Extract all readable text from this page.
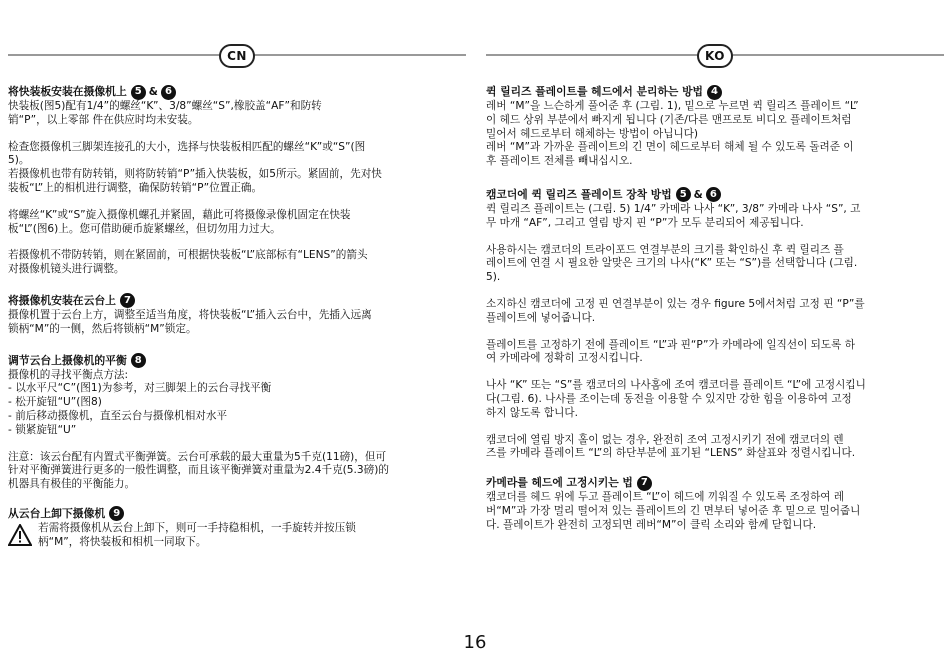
CN
将快装板安装在摄像机上 5 & 6

快装板(图5)配有1/4”的螺丝“K”、3/8”螺丝“S”,橡胶盖“AF”和防转
销“P”，以上零部 件在供应时均未安装。

检查您摄像机三脚架连接孔的大小，选择与快装板相匹配的螺丝“K”或“S”(图
5)。
若摄像机也带有防转销，则将防转销“P”插入快装板，如5所示。紧固前，先对快
装板“L”上的相机进行调整，确保防转销“P”位置正确。

将螺丝“K”或“S”旋入摄像机螺孔并紧固，藉此可将摄像录像机固定在快装
板“L”(图6)上。您可借助硬币旋紧螺丝，但切勿用力过大。

若摄像机不带防转销，则在紧固前，可根据快装板“L”底部标有“LENS”的箭头
对摄像机镜头进行调整。

将摄像机安装在云台上 7

摄像机置于云台上方，调整至适当角度，将快装板“L”插入云台中，先插入远离
锁柄“M”的一侧，然后将锁柄“M”锁定。

调节云台上摄像机的平衡 8

摄像机的寻找平衡点方法:
- 以水平尺“C”(图1)为参考，对三脚架上的云台寻找平衡
- 松开旋钮“U”(图8)
- 前后移动摄像机，直至云台与摄像机相对水平
- 锁紧旋钮“U”

注意：该云台配有内置式平衡弹簧。云台可承载的最大重量为5千克(11磅)，但可
针对平衡弹簧进行更多的一般性调整，而且该平衡弹簧对重量为2.4千克(5.3磅)的
机器具有极佳的平衡能力。

从云台上卸下摄像机 9

若需将摄像机从云台上卸下，则可一手持稳相机，一手旋转并按压锁
柄“M”，将快装板和相机一同取下。

KO
퀵 릴리즈 플레이트를 헤드에서 분리하는 방법 4

레버 “M”을 느슨하게 풀어준 후 (그림. 1), 밑으로 누르면 퀵 릴리즈 플레이트 “L”
이 헤드 상위 부분에서 빠지게 됩니다 (기존/다른 맨프로토 비디오 플레이트처럼
밀어서 헤드로부터 해체하는 방법이 아닙니다)
레버 “M”과 가까운 플레이트의 긴 면이 헤드로부터 해체 될 수 있도록 돌려준 이
후 플레이트 전체를 빼내십시오.

캠코더에 퀵 릴리즈 플레이트 장착 방법 5 & 6

퀵 릴리즈 플레이트는 (그림. 5) 1/4” 카메라 나사 “K”, 3/8” 카메라 나사 “S”, 고
무 마개 “AF”, 그리고 열림 방지 핀 “P”가 모두 분리되어 제공됩니다.

사용하시는 캠코더의 트라이포드 연결부분의 크기를 확인하신 후 퀵 릴리즈 플
레이트에 연결 시 필요한 알맞은 크기의 나사(“K” 또는 “S”)를 선택합니다 (그림.
5).

소지하신 캠코더에 고정 핀 연결부분이 있는 경우 figure 5에서처럼 고정 핀 “P”를
플레이트에 넣어줍니다.

플레이트를 고정하기 전에 플레이트 “L”과 핀“P”가 카메라에 일직선이 되도록 하
여 카메라에 정확히 고정시킵니다.

나사 “K” 또는 “S”를 캠코더의 나사홈에 조여 캠코더를 플레이트 “L”에 고정시킵니
다(그림. 6). 나사를 조이는데 동전을 이용할 수 있지만 강한 힘을 이용하여 고정
하지 않도록 합니다.

캠코더에 열림 방지 홀이 없는 경우, 완전히 조여 고정시키기 전에 캠코더의 렌
즈를 카메라 플레이트 “L”의 하단부분에 표기된 “LENS” 화살표와 정렬시킵니다.

카메라를 헤드에 고정시키는 법 7

캠코더를 헤드 위에 두고 플레이트 “L”이 헤드에 끼워질 수 있도록 조정하여 레
버“M”과 가장 멀리 떨어져 있는 플레이트의 긴 면부터 넣어준 후 밑으로 밀어줍니
다. 플레이트가 완전히 고정되면 레버“M”이 클릭 소리와 함께 닫힙니다.

16
